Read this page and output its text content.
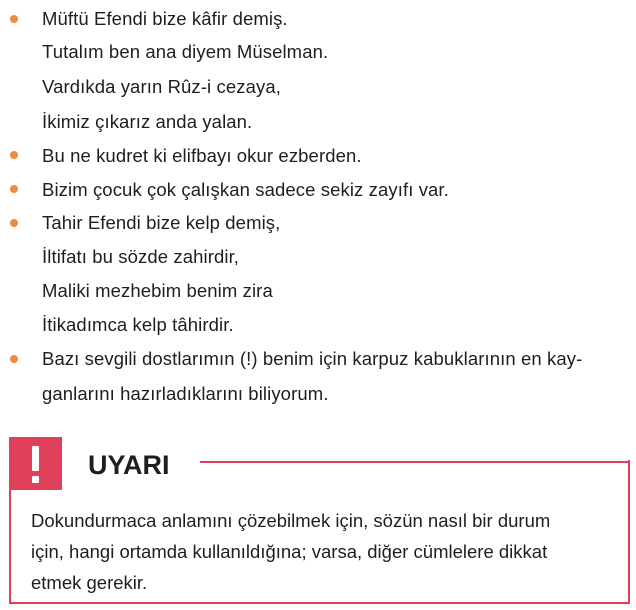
Müftü Efendi bize kâfir demiş.
Tutalım ben ana diyem Müselman.
Vardıkda yarın Rûz-i cezaya,
İkimiz çıkarız anda yalan.
Bu ne kudret ki elifbayı okur ezberden.
Bizim çocuk çok çalışkan sadece sekiz zayıfı var.
Tahir Efendi bize kelp demiş,
İltifatı bu sözde zahirdir,
Maliki mezhebim benim zira
İtikadımca kelp tâhirdir.
Bazı sevgili dostlarımın (!) benim için karpuz kabuklarının en kay-
ganlarını hazırladıklarını biliyorum.
UYARI
Dokundurmaca anlamını çözebilmek için, sözün nasıl bir durum
için, hangi ortamda kullanıldığına; varsa, diğer cümlelere dikkat
etmek gerekir.
